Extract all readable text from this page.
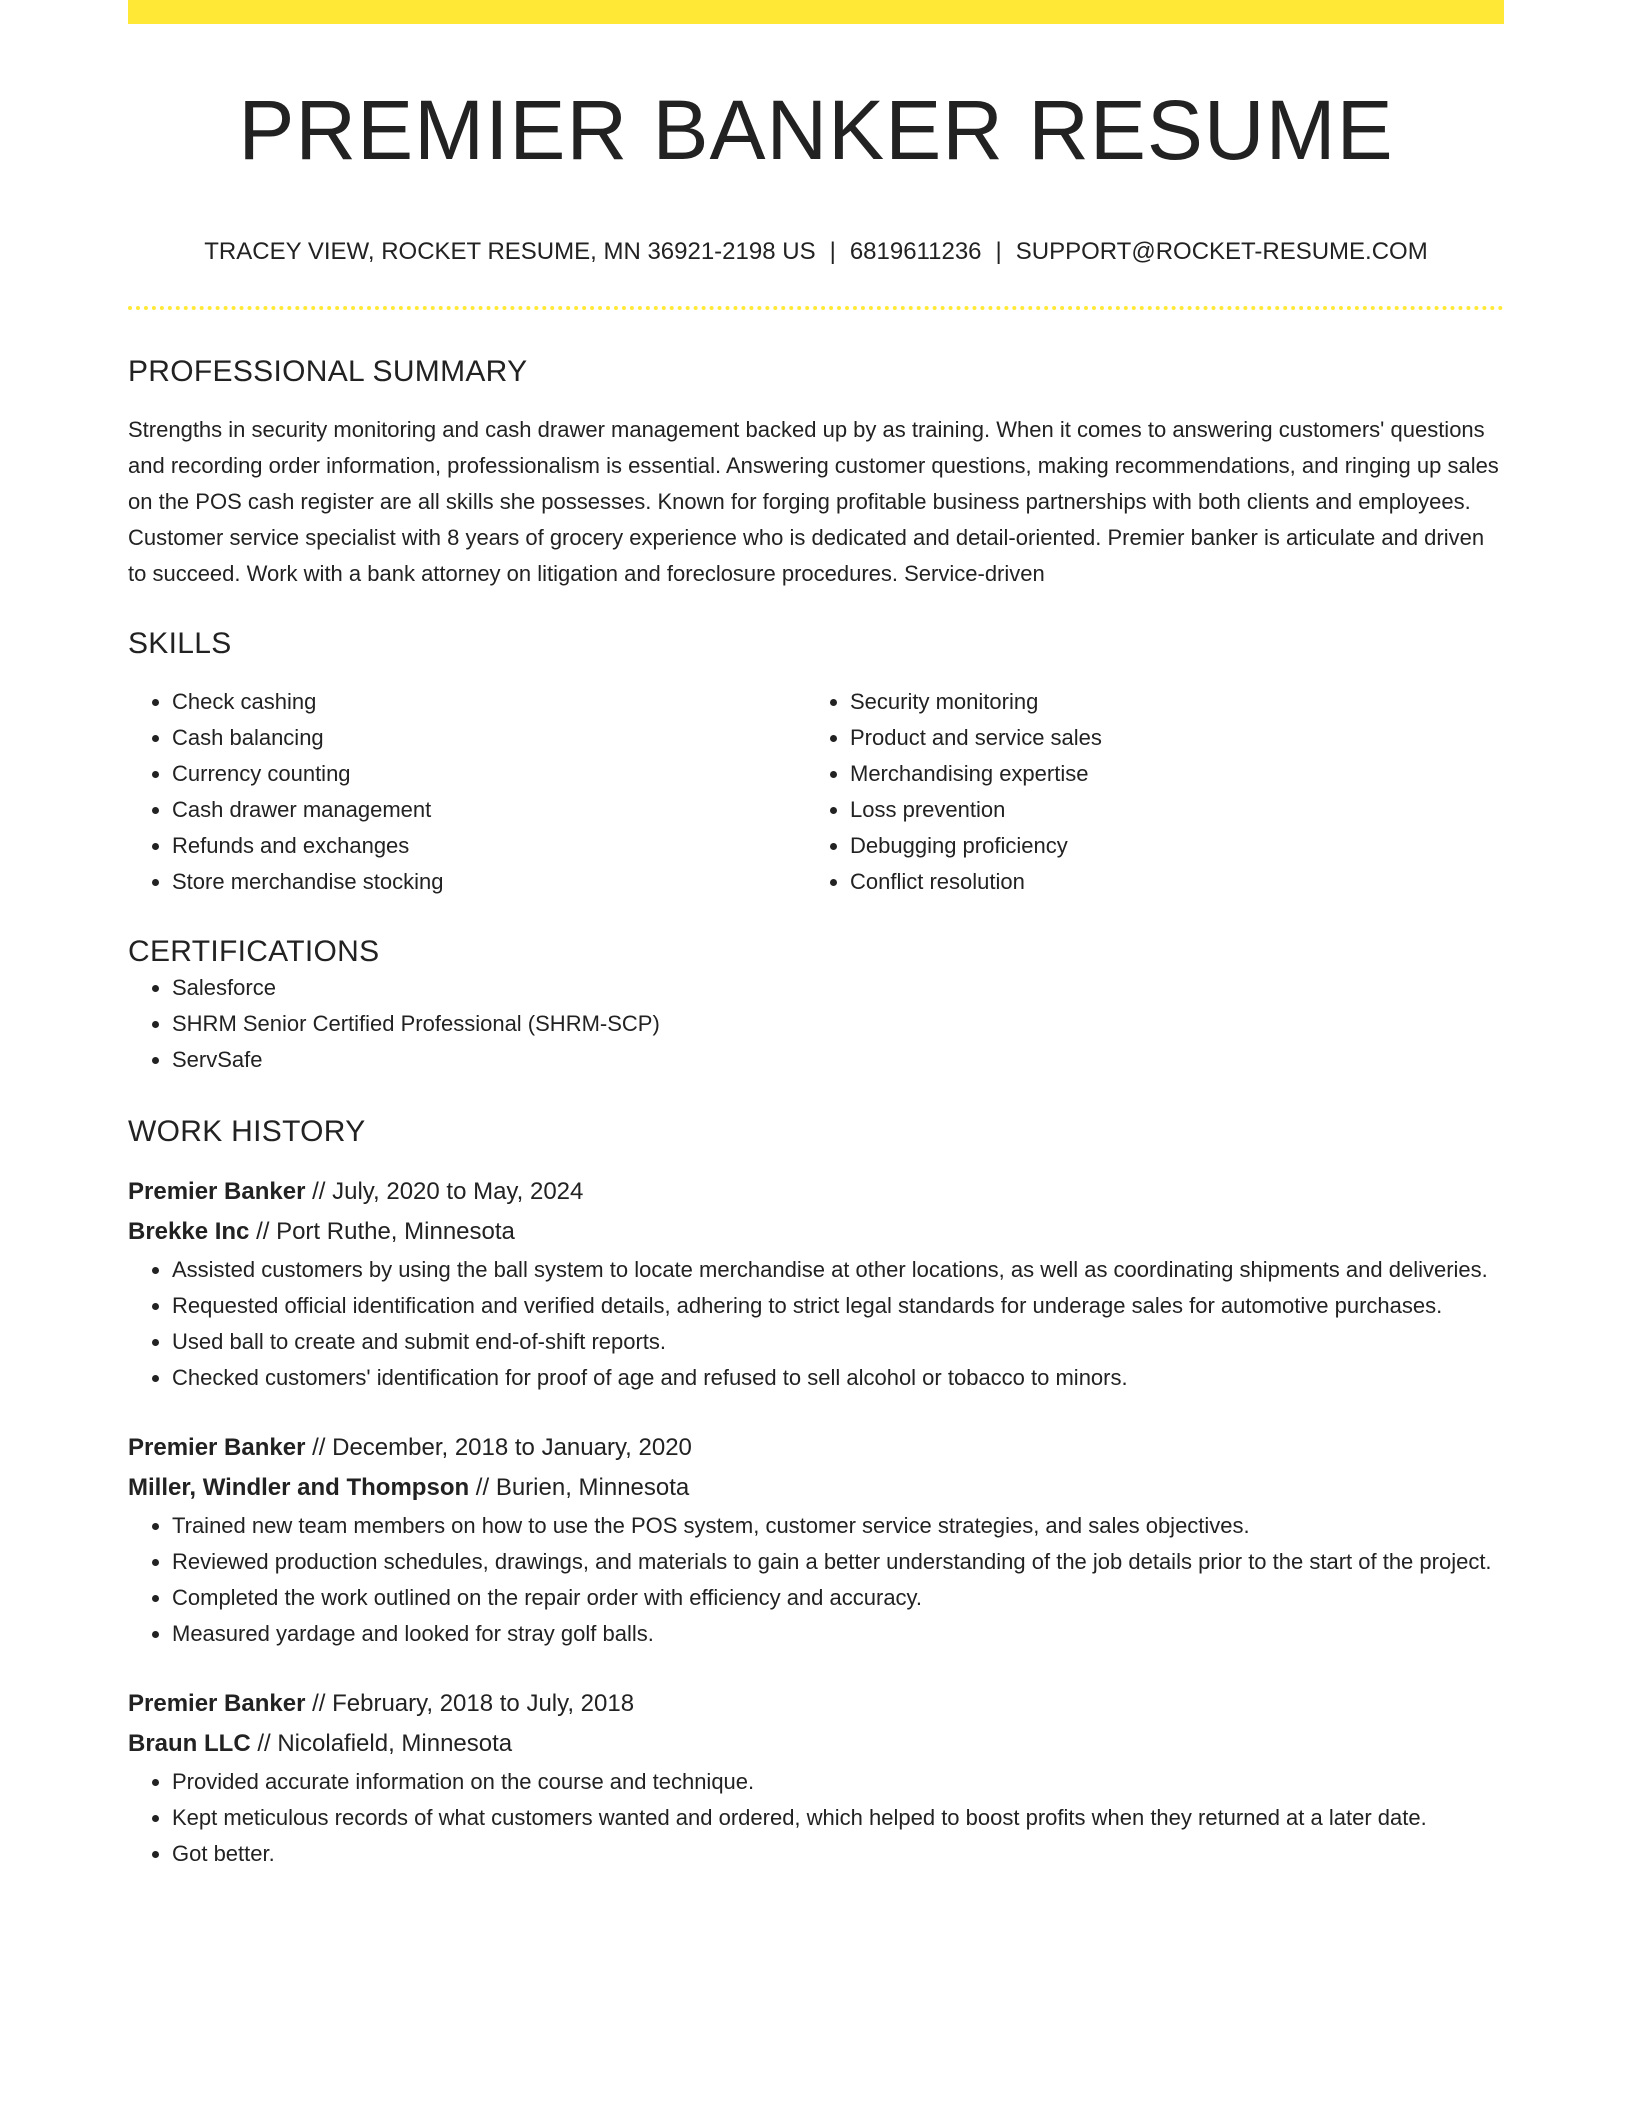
PREMIER BANKER RESUME
TRACEY VIEW, ROCKET RESUME, MN 36921-2198 US | 6819611236 | SUPPORT@ROCKET-RESUME.COM
PROFESSIONAL SUMMARY

Strengths in security monitoring and cash drawer management backed up by as training. When it comes to answering customers' questions and recording order information, professionalism is essential. Answering customer questions, making recommendations, and ringing up sales on the POS cash register are all skills she possesses. Known for forging profitable business partnerships with both clients and employees. Customer service specialist with 8 years of grocery experience who is dedicated and detail-oriented. Premier banker is articulate and driven to succeed. Work with a bank attorney on litigation and foreclosure procedures. Service-driven

SKILLS
• Check cashing
• Cash balancing
• Currency counting
• Cash drawer management
• Refunds and exchanges
• Store merchandise stocking
• Security monitoring
• Product and service sales
• Merchandising expertise
• Loss prevention
• Debugging proficiency
• Conflict resolution
CERTIFICATIONS
• Salesforce
• SHRM Senior Certified Professional (SHRM-SCP)
• ServSafe
WORK HISTORY
Premier Banker // July, 2020 to May, 2024
Brekke Inc // Port Ruthe, Minnesota
• Assisted customers by using the ball system to locate merchandise at other locations, as well as coordinating shipments and deliveries.
• Requested official identification and verified details, adhering to strict legal standards for underage sales for automotive purchases.
• Used ball to create and submit end-of-shift reports.
• Checked customers' identification for proof of age and refused to sell alcohol or tobacco to minors.
Premier Banker // December, 2018 to January, 2020
Miller, Windler and Thompson // Burien, Minnesota
• Trained new team members on how to use the POS system, customer service strategies, and sales objectives.
• Reviewed production schedules, drawings, and materials to gain a better understanding of the job details prior to the start of the project.
• Completed the work outlined on the repair order with efficiency and accuracy.
• Measured yardage and looked for stray golf balls.
Premier Banker // February, 2018 to July, 2018
Braun LLC // Nicolafield, Minnesota
• Provided accurate information on the course and technique.
• Kept meticulous records of what customers wanted and ordered, which helped to boost profits when they returned at a later date.
• Got better.
